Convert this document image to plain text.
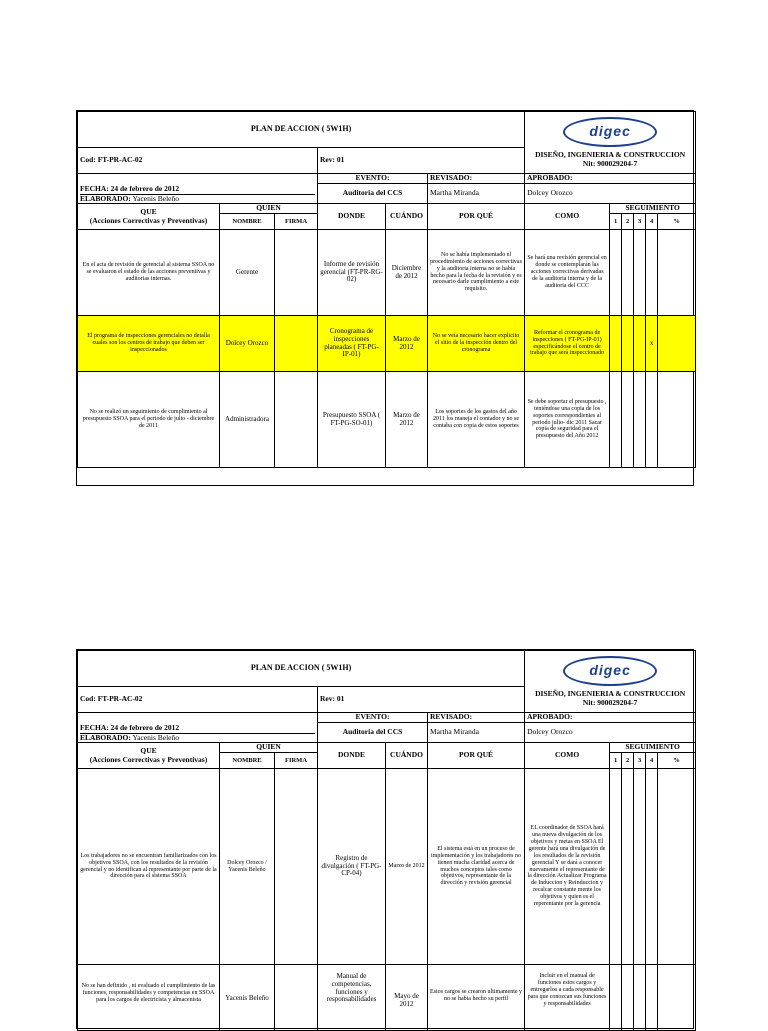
PLAN DE ACCION ( 5W1H)						digec
DISEÑO, INGENIERIA & CONSTRUCCION
Nit: 900029204-7					

Cod: FT-PR-AC-02			Rev: 01								

FECHA: 24 de febrero de 2012
ELABORADO: Yacenis Beleño			EVENTO:		REVISADO:	APROBADO:					
			Auditoria del CCS		Martha Miranda	Dolcey Orozco					

QUE
(Acciones Correctivas y Preventivas)	QUIEN		DONDE	CUÁNDO	POR QUÉ	COMO	SEGUIMIENTO				
	NOMBRE	FIRMA					1	2	3	4	%
En el acta de revisión de gerencial al sistema SSOA no se evaluaron el estado de las acciones preventivas y auditorias internas.	Gerente		Informe de revisión gerencial (FT-PR-RG-02)	Diciembre de 2012	No se había implementado el procedimiento de acciones correctivas y la auditoria interna no se había hecho para la fecha de la revisión y es necesario darle cumplimiento a este requisito.	Se hará una revisión gerencial en donde se contemplarán las acciones correctivas derivadas de la auditoria interna y de la auditoria del CCC					
El programa de inspecciones gerenciales no detalla cuales son los centros de trabajo que deben ser inspeccionados	Dolcey Orozco		Cronograma de inspecciones planeadas ( FT-PG-IP-01)	Marzo de 2012	No se veía necesario hacer explicito el sitio de la inspección dentro del cronograma	Reformar el cronograma de inspecciones ( FT-PG-IP-01) especificándose el centro de trabajo que será inspeccionado				x	
No se realizó un seguimiento de cumplimiento al presupuesto SSOA para el periodo de julio - diciembre de 2011	Administradora		Presupuesto SSOA ( FT-PG-SO-01)	Marzo de 2012	Los soportes de los gastos del año 2011 los maneja el contador y no se contaba con copia de estos soportes	Se debe soportar el presupuesto , teniéndose una copia de los soportes correspondientes al periodo julio- dic 2011 Sacar copia de seguridad para el presupuesto del Año 2012					
PLAN DE ACCION ( 5W1H)						digec
DISEÑO, INGENIERIA & CONSTRUCCION
Nit: 900029204-7					

Cod: FT-PR-AC-02			Rev: 01								

FECHA: 24 de febrero de 2012
ELABORADO: Yacenis Beleño			EVENTO:		REVISADO:	APROBADO:					
			Auditoria del CCS		Martha Miranda	Dolcey Orozco					

QUE
(Acciones Correctivas y Preventivas)	QUIEN		DONDE	CUÁNDO	POR QUÉ	COMO	SEGUIMIENTO				
	NOMBRE	FIRMA					1	2	3	4	%
Los trabajadores no se encuentran familiarizados con los objetivos SSOA, con los resultados de la revisión gerencial y no identifican al representante por parte de la dirección para el sistema SSOA	Dolcey Orozco / Yacenis Beleño		Registro de divulgación ( FT-PG-CP-04)	Marzo de 2012	El sistema está en un proceso de implementación y los trabajadores no tienen mucha claridad acerca de muchos conceptos tales como objetivos, representante de la dirección y revisión gerencial	EL coordinador de SSOA hará una nueva divulgación de los objetivos y metas en SSOA El gerente hará una divulgación de los resultados de la revisión gerencial Y se dará a conocer nuevamente el representante de la dirección Actualizar Programa de Induccion y Reinduccion y recalcar constante mente los objetivos y quien es el reperentante por la gerencia					
No se han definido , ni evaluado el cumplimiento de las funciones, responsabilidades y competencias en SSOA para los cargos de electricista y almacenista	Yacenis Beleño		Manual de competencias, funciones y responsabilidades	Mayo de 2012	Estos cargos se crearon ultimamente y no se habia hecho su perfil	Incluir en el manual de funciones estos cargos y entregarlos a cada responsable para que conozcan sus funciones y responsabilidades					
